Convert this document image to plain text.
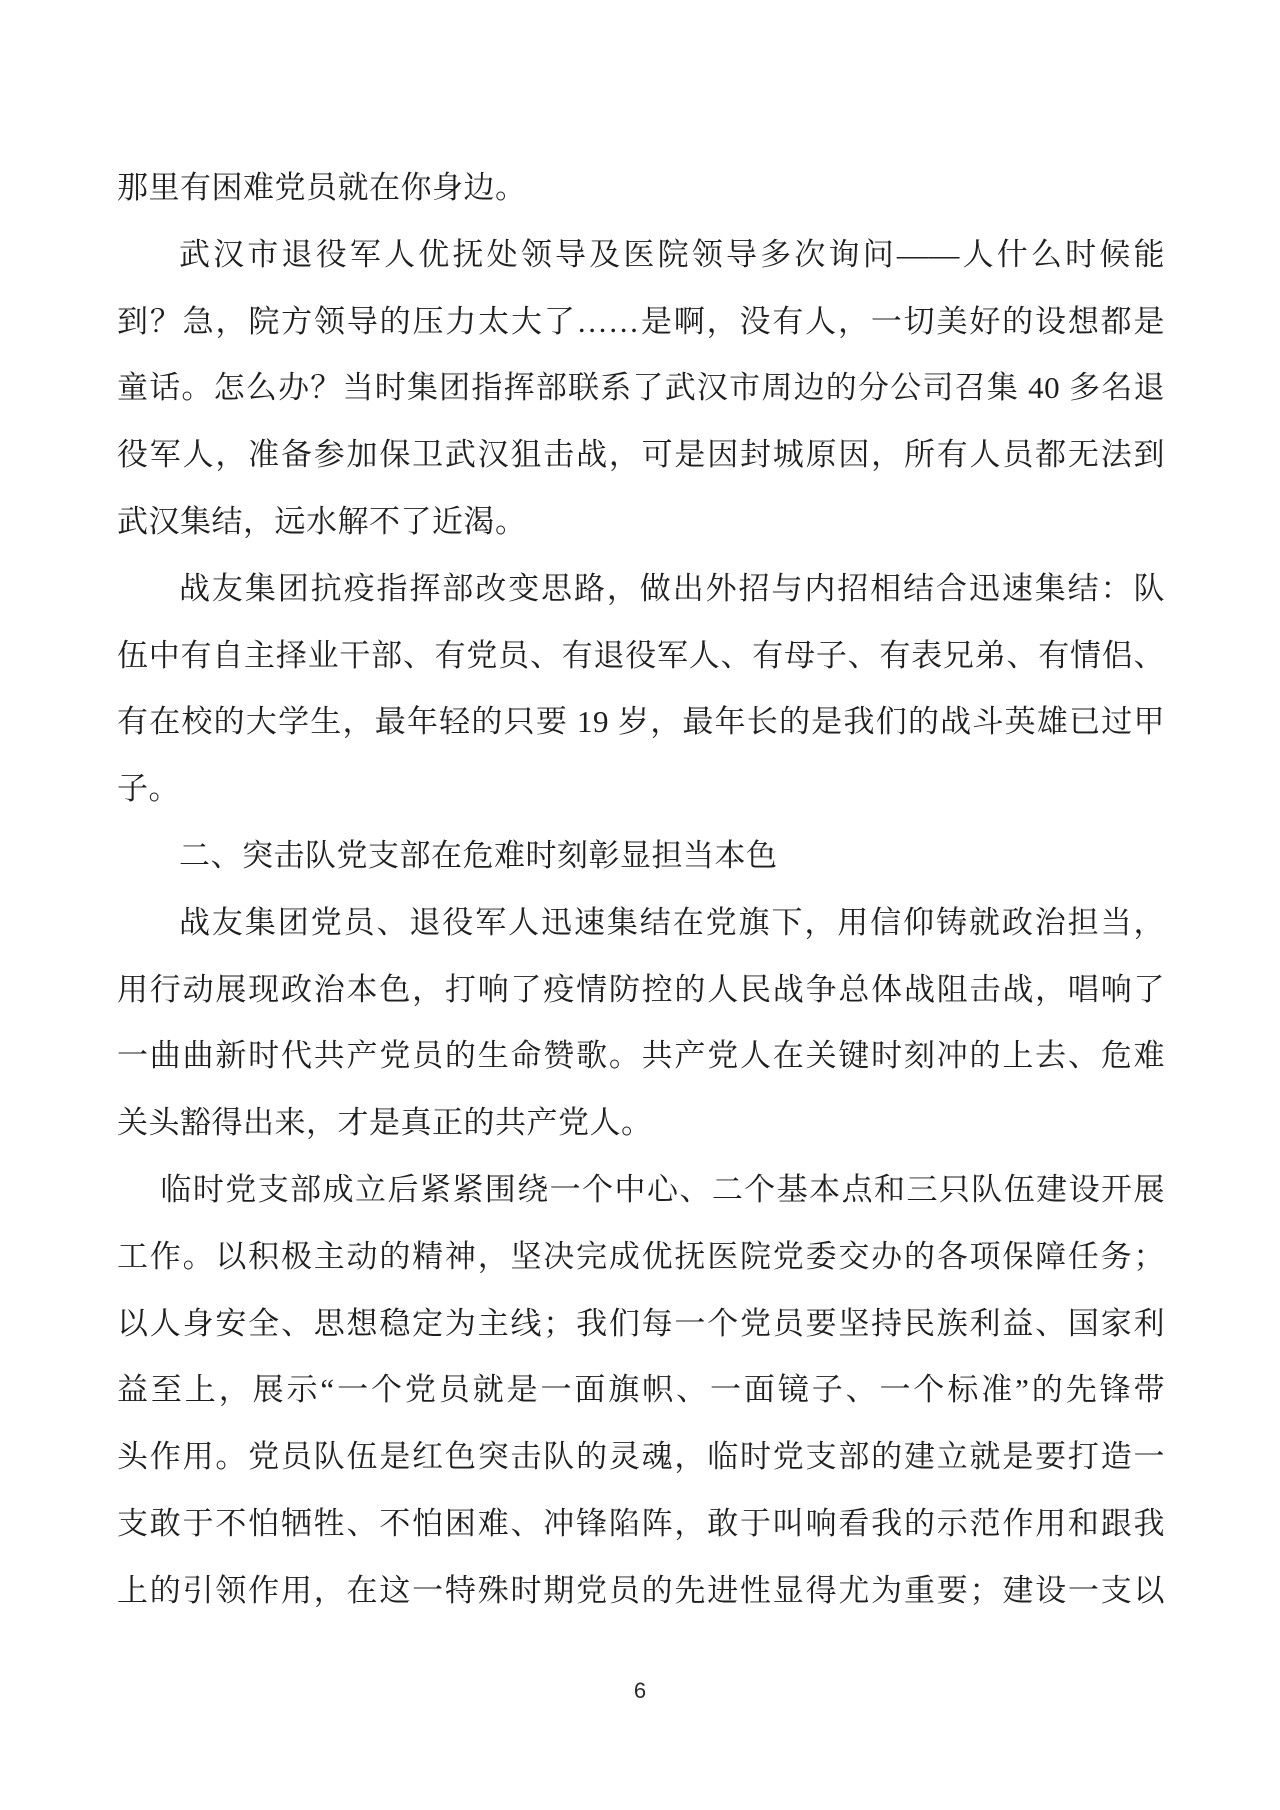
那里有困难党员就在你身边。
武汉市退役军人优抚处领导及医院领导多次询问——人什么时候能
到？急，院方领导的压力太大了……是啊，没有人，一切美好的设想都是
童话。怎么办？当时集团指挥部联系了武汉市周边的分公司召集 40 多名退
役军人，准备参加保卫武汉狙击战，可是因封城原因，所有人员都无法到
武汉集结，远水解不了近渴。
战友集团抗疫指挥部改变思路，做出外招与内招相结合迅速集结：队
伍中有自主择业干部、有党员、有退役军人、有母子、有表兄弟、有情侣、
有在校的大学生，最年轻的只要 19 岁，最年长的是我们的战斗英雄已过甲
子。
二、突击队党支部在危难时刻彰显担当本色
战友集团党员、退役军人迅速集结在党旗下，用信仰铸就政治担当，
用行动展现政治本色，打响了疫情防控的人民战争总体战阻击战，唱响了
一曲曲新时代共产党员的生命赞歌。共产党人在关键时刻冲的上去、危难
关头豁得出来，才是真正的共产党人。
临时党支部成立后紧紧围绕一个中心、二个基本点和三只队伍建设开展
工作。以积极主动的精神，坚决完成优抚医院党委交办的各项保障任务；
以人身安全、思想稳定为主线；我们每一个党员要坚持民族利益、国家利
益至上，展示“一个党员就是一面旗帜、一面镜子、一个标准”的先锋带
头作用。党员队伍是红色突击队的灵魂，临时党支部的建立就是要打造一
支敢于不怕牺牲、不怕困难、冲锋陷阵，敢于叫响看我的示范作用和跟我
上的引领作用，在这一特殊时期党员的先进性显得尤为重要；建设一支以
6
